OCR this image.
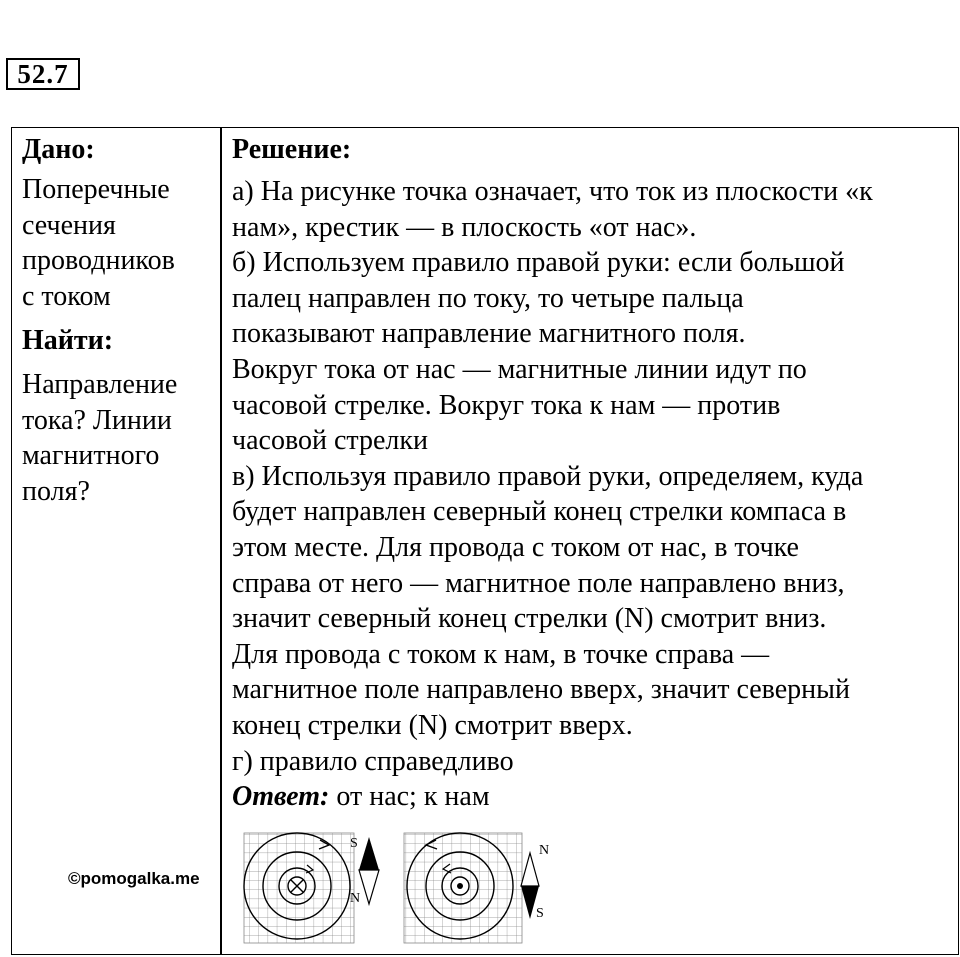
52.7
Дано:
Поперечные
сечения
проводников
с током
Найти:
Направление
тока? Линии
магнитного
поля?
Решение:
а) На рисунке точка означает, что ток из плоскости «к
нам», крестик — в плоскость «от нас».
б) Используем правило правой руки: если большой
палец направлен по току, то четыре пальца
показывают направление магнитного поля.
Вокруг тока от нас — магнитные линии идут по
часовой стрелке. Вокруг тока к нам — против
часовой стрелки
в) Используя правило правой руки, определяем, куда
будет направлен северный конец стрелки компаса в
этом месте. Для провода с током от нас, в точке
справа от него — магнитное поле направлено вниз,
значит северный конец стрелки (N) смотрит вниз.
Для провода с током к нам, в точке справа —
магнитное поле направлено вверх, значит северный
конец стрелки (N) смотрит вверх.
г) правило справедливо
Ответ: от нас; к нам
©pomogalka.me
S
N
N
S
